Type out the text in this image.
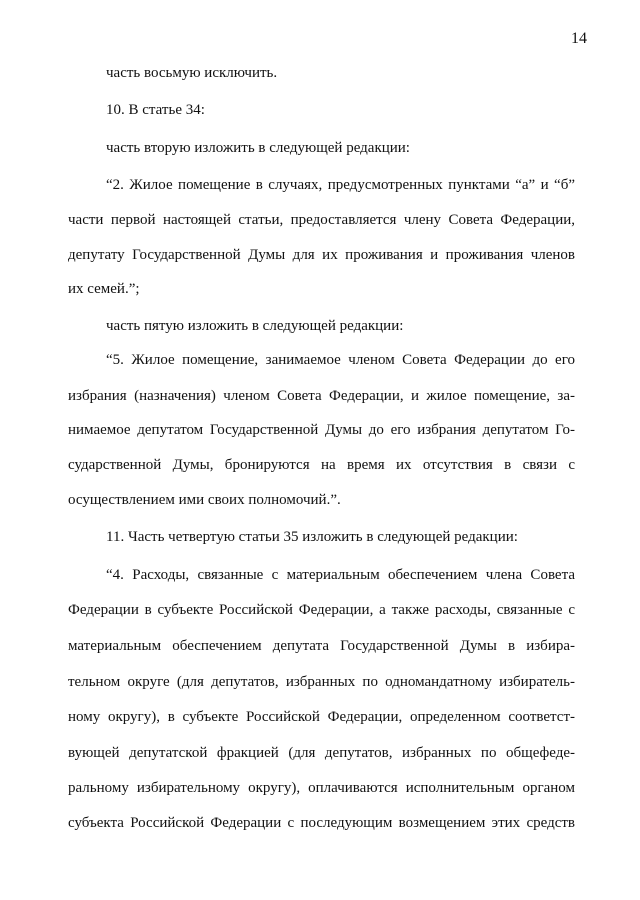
14
часть восьмую исключить.
10. В статье 34:
часть вторую изложить в следующей редакции:
“2. Жилое помещение в случаях, предусмотренных пунктами “а” и “б”
части первой настоящей статьи, предоставляется члену Совета Федерации,
депутату Государственной Думы для их проживания и проживания членов
их семей.”;
часть пятую изложить в следующей редакции:
“5. Жилое помещение, занимаемое членом Совета Федерации до его
избрания (назначения) членом Совета Федерации, и жилое помещение, за-
нимаемое депутатом Государственной Думы до его избрания депутатом Го-
сударственной Думы, бронируются на время их отсутствия в связи с
осуществлением ими своих полномочий.”.
11. Часть четвертую статьи 35 изложить в следующей редакции:
“4. Расходы, связанные с материальным обеспечением члена Совета
Федерации в субъекте Российской Федерации, а также расходы, связанные с
материальным обеспечением депутата Государственной Думы в избира-
тельном округе (для депутатов, избранных по одномандатному избиратель-
ному округу), в субъекте Российской Федерации, определенном соответст-
вующей депутатской фракцией (для депутатов, избранных по общефеде-
ральному избирательному округу), оплачиваются исполнительным органом
субъекта Российской Федерации с последующим возмещением этих средств
